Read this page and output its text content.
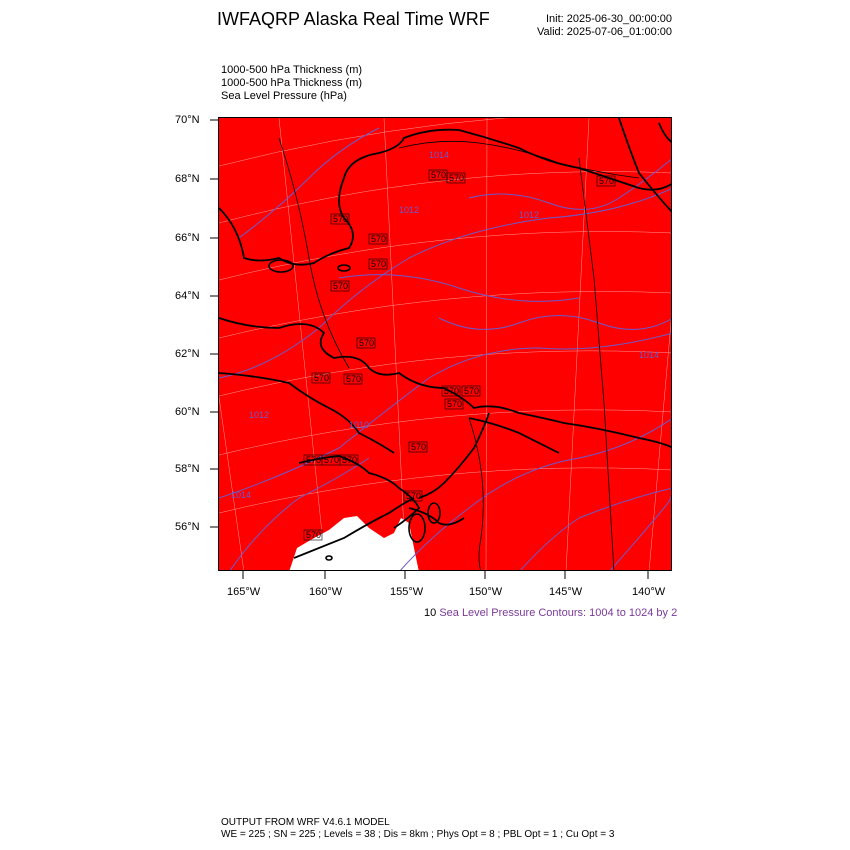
IWFAQRP Alaska Real Time WRF	Init: 2025-06-30_00:00:00
Valid: 2025-07-06_01:00:00
1000-500 hPa Thickness (m)
1000-500 hPa Thickness (m)
Sea Level Pressure (hPa)
70°N
68°N
66°N
64°N
62°N
60°N
58°N
56°N
165°W	160°W	155°W	150°W	145°W	140°W
570 570	570
570
570
570
570
570
570 570
570 570
570
570
570 570 570
570
570
1014
1012
1012
1010
1012
1014
1014
10 Sea Level Pressure Contours: 1004 to 1024 by 2
OUTPUT FROM WRF V4.6.1 MODEL
WE = 225 ; SN = 225 ; Levels = 38 ; Dis = 8km ; Phys Opt = 8 ; PBL Opt = 1 ; Cu Opt = 3
